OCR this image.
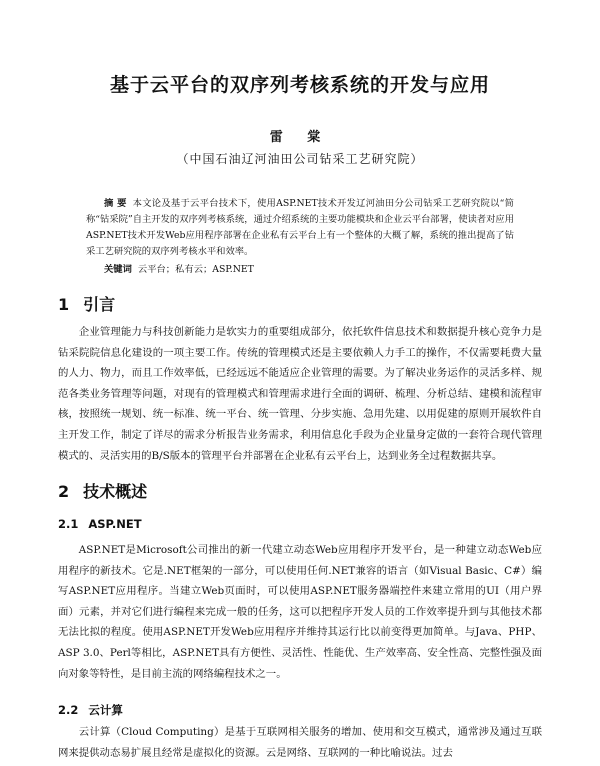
基于云平台的双序列考核系统的开发与应用
雷 棠
（中国石油辽河油田公司钻采工艺研究院）
摘 要 本文论及基于云平台技术下，使用ASP.NET技术开发辽河油田分公司钻采工艺研究院以“简称“钻采院”自主开发的双序列考核系统，通过介绍系统的主要功能模块和企业云平台部署，使读者对应用ASP.NET技术开发Web应用程序部署在企业私有云平台上有一个整体的大概了解，系统的推出提高了钻采工艺研究院的双序列考核水平和效率。
关键词 云平台；私有云；ASP.NET
1 引言
企业管理能力与科技创新能力是软实力的重要组成部分，依托软件信息技术和数据提升核心竞争力是钻采院院信息化建设的一项主要工作。传统的管理模式还是主要依赖人力手工的操作，不仅需要耗费大量的人力、物力，而且工作效率低，已经远远不能适应企业管理的需要。为了解决业务运作的灵活多样、规范各类业务管理等问题，对现有的管理模式和管理需求进行全面的调研、梳理、分析总结、建模和流程审核，按照统一规划、统一标准、统一平台、统一管理、分步实施、急用先建、以用促建的原则开展软件自主开发工作，制定了详尽的需求分析报告业务需求，利用信息化手段为企业量身定做的一套符合现代管理模式的、灵活实用的B/S版本的管理平台并部署在企业私有云平台上，达到业务全过程数据共享。
2 技术概述
2.1 ASP.NET
ASP.NET是Microsoft公司推出的新一代建立动态Web应用程序开发平台，是一种建立动态Web应用程序的新技术。它是.NET框架的一部分，可以使用任何.NET兼容的语言（如Visual Basic、C#）编写ASP.NET应用程序。当建立Web页面时，可以使用ASP.NET服务器端控件来建立常用的UI（用户界面）元素，并对它们进行编程来完成一般的任务，这可以把程序开发人员的工作效率提升到与其他技术都无法比拟的程度。使用ASP.NET开发Web应用程序并维持其运行比以前变得更加简单。与Java、PHP、ASP 3.0、Perl等相比，ASP.NET具有方便性、灵活性、性能优、生产效率高、安全性高、完整性强及面向对象等特性，是目前主流的网络编程技术之一。
2.2 云计算
云计算（Cloud Computing）是基于互联网相关服务的增加、使用和交互模式，通常涉及通过互联网来提供动态易扩展且经常是虚拟化的资源。云是网络、互联网的一种比喻说法。过去
